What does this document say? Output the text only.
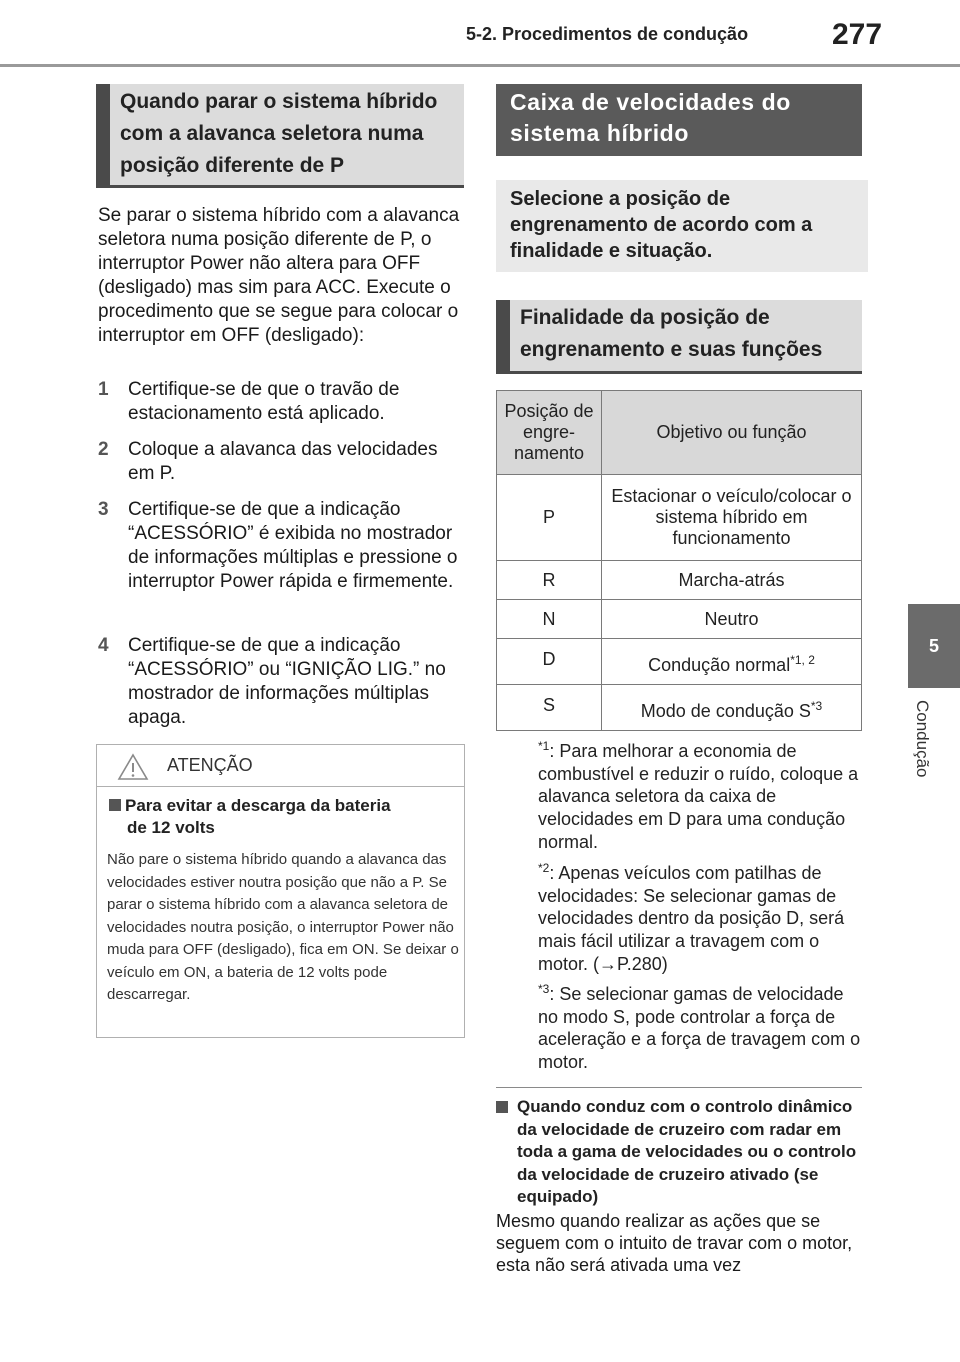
5-2. Procedimentos de condução	277
5
Condução
Quando parar o sistema híbrido com a alavanca seletora numa posição diferente de P
Se parar o sistema híbrido com a alavanca seletora numa posição diferente de P, o interruptor Power não altera para OFF (desligado) mas sim para ACC. Execute o procedimento que se segue para colocar o interruptor em OFF (desligado):
1	Certifique-se de que o travão de estacionamento está aplicado.
2	Coloque a alavanca das velocidades em P.
3	Certifique-se de que a indicação “ACESSÓRIO” é exibida no mostrador de informações múltiplas e pressione o interruptor Power rápida e firmemente.
4	Certifique-se de que a indicação “ACESSÓRIO” ou “IGNIÇÃO LIG.” no mostrador de informações múltiplas apaga.
ATENÇÃO
Para evitar a descarga da bateria
de 12 volts
Não pare o sistema híbrido quando a alavanca das velocidades estiver noutra posição que não a P. Se parar o sistema híbrido com a alavanca seletora de velocidades noutra posição, o interruptor Power não muda para OFF (desligado), fica em ON. Se deixar o veículo em ON, a bateria de 12 volts pode descarregar.
Caixa de velocidades do sistema híbrido
Selecione a posição de engrenamento de acordo com a finalidade e situação.
Finalidade da posição de engrenamento e suas funções
Posição de engre- namento	Objetivo ou função
P	Estacionar o veículo/colocar o sistema híbrido em funcionamento
R	Marcha-atrás
N	Neutro
D	Condução normal$^{*1, 2}$
S	Modo de condução $S^{*3}$
$^{*1}$: Para melhorar a economia de combustível e reduzir o ruído, coloque a alavanca seletora da caixa de velocidades em D para uma condução normal.
$^{*2}$: Apenas veículos com patilhas de velocidades: Se selecionar gamas de velocidades dentro da posição D, será mais fácil utilizar a travagem com o motor. (→P.280)
$^{*3}$: Se selecionar gamas de velocidade no modo S, pode controlar a força de aceleração e a força de travagem com o motor.
Quando conduz com o controlo dinâmico da velocidade de cruzeiro com radar em toda a gama de velocidades ou o controlo da velocidade de cruzeiro ativado (se equipado)
Mesmo quando realizar as ações que se seguem com o intuito de travar com o motor, esta não será ativada uma vez
